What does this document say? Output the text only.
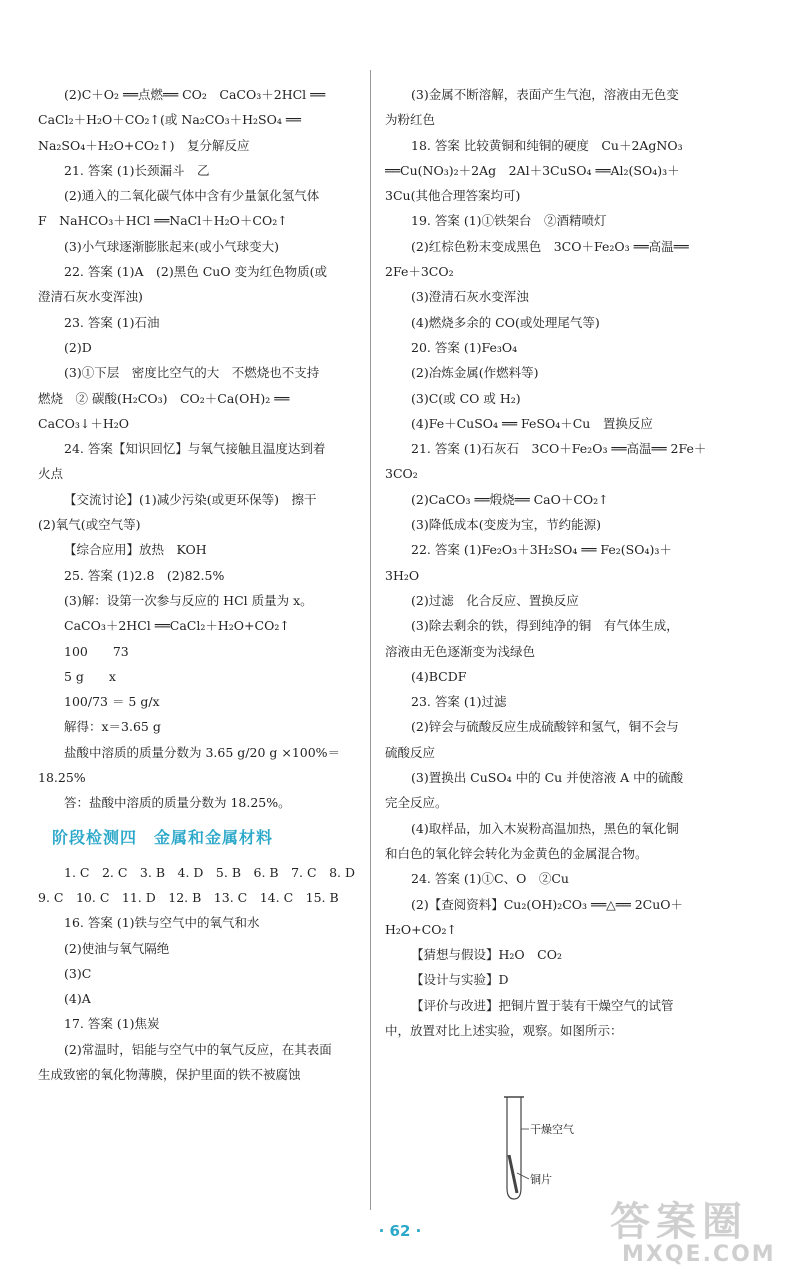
(2)C＋O₂ ══点燃══ CO₂　CaCO₃＋2HCl ══
CaCl₂＋H₂O＋CO₂↑(或 Na₂CO₃＋H₂SO₄ ══
Na₂SO₄＋H₂O+CO₂↑)　复分解反应
21. 答案 (1)长颈漏斗　乙
(2)通入的二氧化碳气体中含有少量氯化氢气体
F　NaHCO₃＋HCl ══NaCl＋H₂O＋CO₂↑
(3)小气球逐渐膨胀起来(或小气球变大)
22. 答案 (1)A　(2)黑色 CuO 变为红色物质(或
澄清石灰水变浑浊)
23. 答案 (1)石油
(2)D
(3)①下层　密度比空气的大　不燃烧也不支持
燃烧　② 碳酸(H₂CO₃)　CO₂＋Ca(OH)₂ ══
CaCO₃↓＋H₂O
24. 答案【知识回忆】与氧气接触且温度达到着
火点
【交流讨论】(1)减少污染(或更环保等)　擦干
(2)氧气(或空气等)
【综合应用】放热　KOH
25. 答案 (1)2.8　(2)82.5%
(3)解：设第一次参与反应的 HCl 质量为 x。
CaCO₃＋2HCl ══CaCl₂＋H₂O+CO₂↑
100　　73
5 g　　x
100/73 ＝ 5 g/x
解得：x＝3.65 g
盐酸中溶质的质量分数为 3.65 g/20 g ×100%＝
18.25%
答：盐酸中溶质的质量分数为 18.25%。
阶段检测四　金属和金属材料
1. C　2. C　3. B　4. D　5. B　6. B　7. C　8. D
9. C　10. C　11. D　12. B　13. C　14. C　15. B
16. 答案 (1)铁与空气中的氧气和水
(2)使油与氧气隔绝
(3)C
(4)A
17. 答案 (1)焦炭
(2)常温时，铝能与空气中的氧气反应，在其表面
生成致密的氧化物薄膜，保护里面的铁不被腐蚀
(3)金属不断溶解，表面产生气泡，溶液由无色变
为粉红色
18. 答案 比较黄铜和纯铜的硬度　Cu＋2AgNO₃
══Cu(NO₃)₂＋2Ag　2Al＋3CuSO₄ ══Al₂(SO₄)₃＋
3Cu(其他合理答案均可)
19. 答案 (1)①铁架台　②酒精喷灯
(2)红棕色粉末变成黑色　3CO＋Fe₂O₃ ══高温══
2Fe＋3CO₂
(3)澄清石灰水变浑浊
(4)燃烧多余的 CO(或处理尾气等)
20. 答案 (1)Fe₃O₄
(2)冶炼金属(作燃料等)
(3)C(或 CO 或 H₂)
(4)Fe＋CuSO₄ ══ FeSO₄＋Cu　置换反应
21. 答案 (1)石灰石　3CO＋Fe₂O₃ ══高温══ 2Fe＋
3CO₂
(2)CaCO₃ ══煅烧══ CaO＋CO₂↑
(3)降低成本(变废为宝，节约能源)
22. 答案 (1)Fe₂O₃＋3H₂SO₄ ══ Fe₂(SO₄)₃＋
3H₂O
(2)过滤　化合反应、置换反应
(3)除去剩余的铁，得到纯净的铜　有气体生成，
溶液由无色逐渐变为浅绿色
(4)BCDF
23. 答案 (1)过滤
(2)锌会与硫酸反应生成硫酸锌和氢气，铜不会与
硫酸反应
(3)置换出 CuSO₄ 中的 Cu 并使溶液 A 中的硫酸
完全反应。
(4)取样品，加入木炭粉高温加热，黑色的氧化铜
和白色的氧化锌会转化为金黄色的金属混合物。
24. 答案 (1)①C、O　②Cu
(2)【查阅资料】Cu₂(OH)₂CO₃ ══△══ 2CuO＋
H₂O+CO₂↑
【猜想与假设】H₂O　CO₂
【设计与实验】D
【评价与改进】把铜片置于装有干燥空气的试管
中，放置对比上述实验，观察。如图所示：
干燥空气
铜片
· 62 ·	答案圈
MXQE.COM
